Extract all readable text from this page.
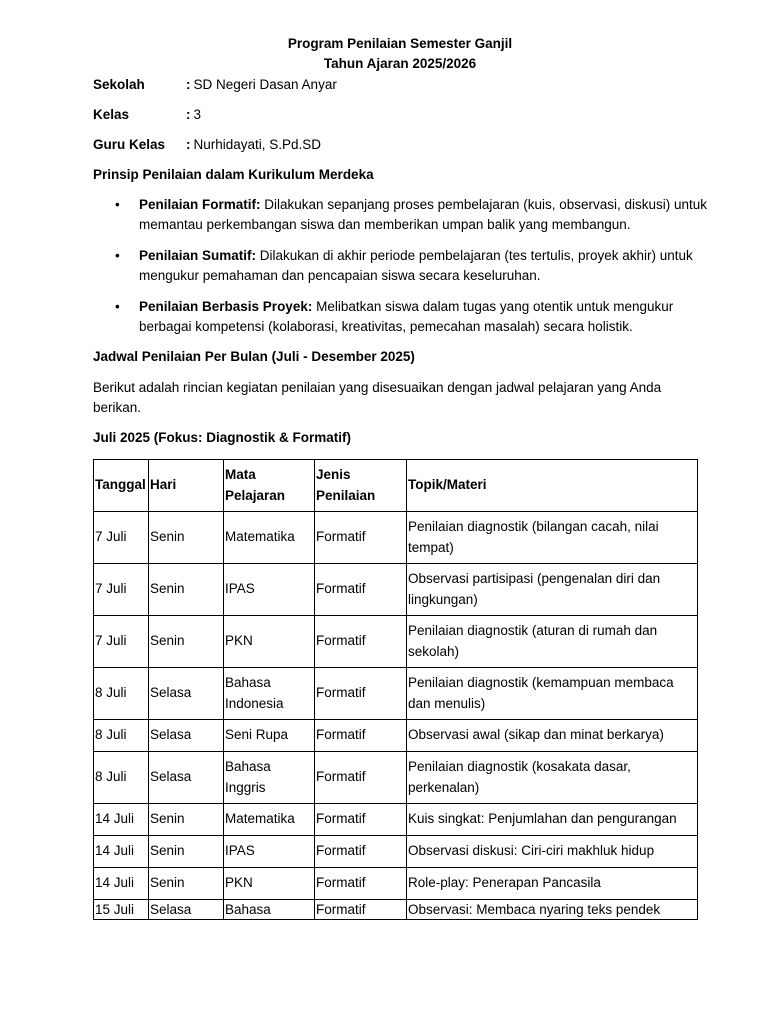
Program Penilaian Semester Ganjil
Tahun Ajaran 2025/2026
Sekolah	: SD Negeri Dasan Anyar
Kelas	: 3
Guru Kelas : Nurhidayati, S.Pd.SD
Prinsip Penilaian dalam Kurikulum Merdeka
• Penilaian Formatif: Dilakukan sepanjang proses pembelajaran (kuis, observasi, diskusi) untuk memantau perkembangan siswa dan memberikan umpan balik yang membangun.
• Penilaian Sumatif: Dilakukan di akhir periode pembelajaran (tes tertulis, proyek akhir) untuk mengukur pemahaman dan pencapaian siswa secara keseluruhan.
• Penilaian Berbasis Proyek: Melibatkan siswa dalam tugas yang otentik untuk mengukur berbagai kompetensi (kolaborasi, kreativitas, pemecahan masalah) secara holistik.
Jadwal Penilaian Per Bulan (Juli - Desember 2025)
Berikut adalah rincian kegiatan penilaian yang disesuaikan dengan jadwal pelajaran yang Anda berikan.
Juli 2025 (Fokus: Diagnostik & Formatif)
Tanggal	Hari	Mata Pelajaran	Jenis Penilaian	Topik/Materi
7 Juli	Senin	Matematika	Formatif	Penilaian diagnostik (bilangan cacah, nilai tempat)
7 Juli	Senin	IPAS	Formatif	Observasi partisipasi (pengenalan diri dan lingkungan)
7 Juli	Senin	PKN	Formatif	Penilaian diagnostik (aturan di rumah dan sekolah)
8 Juli	Selasa	Bahasa Indonesia	Formatif	Penilaian diagnostik (kemampuan membaca dan menulis)
8 Juli	Selasa	Seni Rupa	Formatif	Observasi awal (sikap dan minat berkarya)
8 Juli	Selasa	Bahasa Inggris	Formatif	Penilaian diagnostik (kosakata dasar, perkenalan)
14 Juli	Senin	Matematika	Formatif	Kuis singkat: Penjumlahan dan pengurangan
14 Juli	Senin	IPAS	Formatif	Observasi diskusi: Ciri-ciri makhluk hidup
14 Juli	Senin	PKN	Formatif	Role-play: Penerapan Pancasila
15 Juli	Selasa	Bahasa	Formatif	Observasi: Membaca nyaring teks pendek
